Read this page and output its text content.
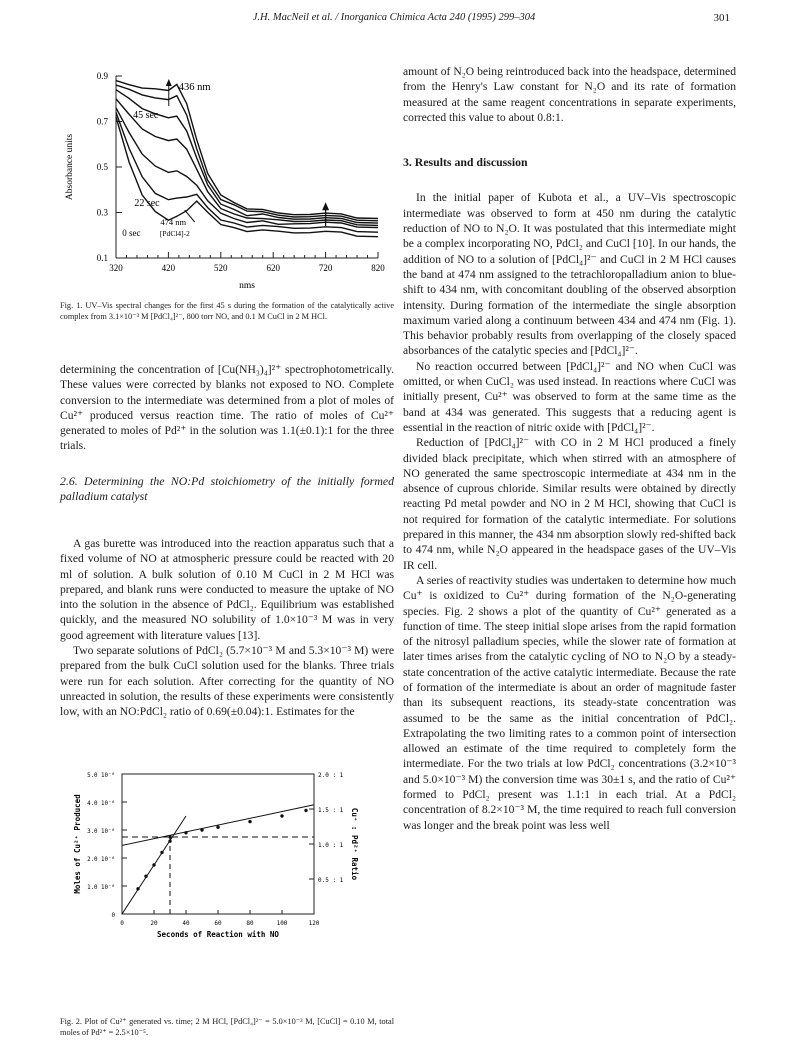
J.H. MacNeil et al. / Inorganica Chimica Acta 240 (1995) 299–304	301
0.1
0.3
0.5
0.7
0.9
320	420	520	620	720	820
nms
Absorbance units
436 nm
45 sec
22 sec
474 nm
0 sec	[PdCl4]-2
Fig. 1. UV–Vis spectral changes for the first 45 s during the formation of the catalytically active complex from 3.1×10⁻³ M [PdCl₄]²⁻, 800 torr NO, and 0.1 M CuCl in 2 M HCl.

determining the concentration of [Cu(NH₃)₄]²⁺ spectrophotometrically. These values were corrected by blanks not exposed to NO. Complete conversion to the intermediate was determined from a plot of moles of Cu²⁺ produced versus reaction time. The ratio of moles of Cu²⁺ generated to moles of Pd²⁺ in the solution was 1.1(±0.1):1 for the three trials.

2.6. Determining the NO:Pd stoichiometry of the initially formed palladium catalyst

A gas burette was introduced into the reaction apparatus such that a fixed volume of NO at atmospheric pressure could be reacted with 20 ml of solution. A bulk solution of 0.10 M CuCl in 2 M HCl was prepared, and blank runs were conducted to measure the uptake of NO into the solution in the absence of PdCl₂. Equilibrium was established quickly, and the measured NO solubility of 1.0×10⁻³ M was in very good agreement with literature values [13].

Two separate solutions of PdCl₂ (5.7×10⁻³ M and 5.3×10⁻³ M) were prepared from the bulk CuCl solution used for the blanks. Three trials were run for each solution. After correcting for the quantity of NO unreacted in solution, the results of these experiments were consistently low, with an NO:PdCl₂ ratio of 0.69(±0.04):1. Estimates for the

0
1.0 10⁻⁶
2.0 10⁻⁶
3.0 10⁻⁶
4.0 10⁻⁶
5.0 10⁻⁶
0.5 : 1
1.0 : 1
1.5 : 1
2.0 : 1
0	20	40	60	80	100	120
Seconds of Reaction with NO
Moles of Cu²⁺ Produced	Cu⁺ : Pd²⁺ Ratio
Fig. 2. Plot of Cu²⁺ generated vs. time; 2 M HCl, [PdCl₄]²⁻ = 5.0×10⁻³ M, [CuCl] = 0.10 M, total moles of Pd²⁺ = 2.5×10⁻⁵.

amount of N₂O being reintroduced back into the headspace, determined from the Henry's Law constant for N₂O and its rate of formation measured at the same reagent concentrations in separate experiments, corrected this value to about 0.8:1.

3. Results and discussion

In the initial paper of Kubota et al., a UV–Vis spectroscopic intermediate was observed to form at 450 nm during the catalytic reduction of NO to N₂O. It was postulated that this intermediate might be a complex incorporating NO, PdCl₂ and CuCl [10]. In our hands, the addition of NO to a solution of [PdCl₄]²⁻ and CuCl in 2 M HCl causes the band at 474 nm assigned to the tetrachloropalladium anion to blue-shift to 434 nm, with concomitant doubling of the observed absorption intensity. During formation of the intermediate the single absorption maximum varied along a continuum between 434 and 474 nm (Fig. 1). This behavior probably results from overlapping of the closely spaced absorbances of the catalytic species and [PdCl₄]²⁻.

No reaction occurred between [PdCl₄]²⁻ and NO when CuCl was omitted, or when CuCl₂ was used instead. In reactions where CuCl was initially present, Cu²⁺ was observed to form at the same time as the band at 434 was generated. This suggests that a reducing agent is essential in the reaction of nitric oxide with [PdCl₄]²⁻.

Reduction of [PdCl₄]²⁻ with CO in 2 M HCl produced a finely divided black precipitate, which when stirred with an atmosphere of NO generated the same spectroscopic intermediate at 434 nm in the absence of cuprous chloride. Similar results were obtained by directly reacting Pd metal powder and NO in 2 M HCl, showing that CuCl is not required for formation of the catalytic intermediate. For solutions prepared in this manner, the 434 nm absorption slowly red-shifted back to 474 nm, while N₂O appeared in the headspace gases of the UV–Vis IR cell.

A series of reactivity studies was undertaken to determine how much Cu⁺ is oxidized to Cu²⁺ during formation of the N₂O-generating species. Fig. 2 shows a plot of the quantity of Cu²⁺ generated as a function of time. The steep initial slope arises from the rapid formation of the nitrosyl palladium species, while the slower rate of formation at later times arises from the catalytic cycling of NO to N₂O by a steady-state concentration of the active catalytic intermediate. Because the rate of formation of the intermediate is about an order of magnitude faster than its subsequent reactions, its steady-state concentration was assumed to be the same as the initial concentration of PdCl₂. Extrapolating the two limiting rates to a common point of intersection allowed an estimate of the time required to completely form the intermediate. For the two trials at low PdCl₂ concentrations (3.2×10⁻³ and 5.0×10⁻³ M) the conversion time was 30±1 s, and the ratio of Cu²⁺ formed to PdCl₂ present was 1.1:1 in each trial. At a PdCl₂ concentration of 8.2×10⁻³ M, the time required to reach full conversion was longer and the break point was less well
